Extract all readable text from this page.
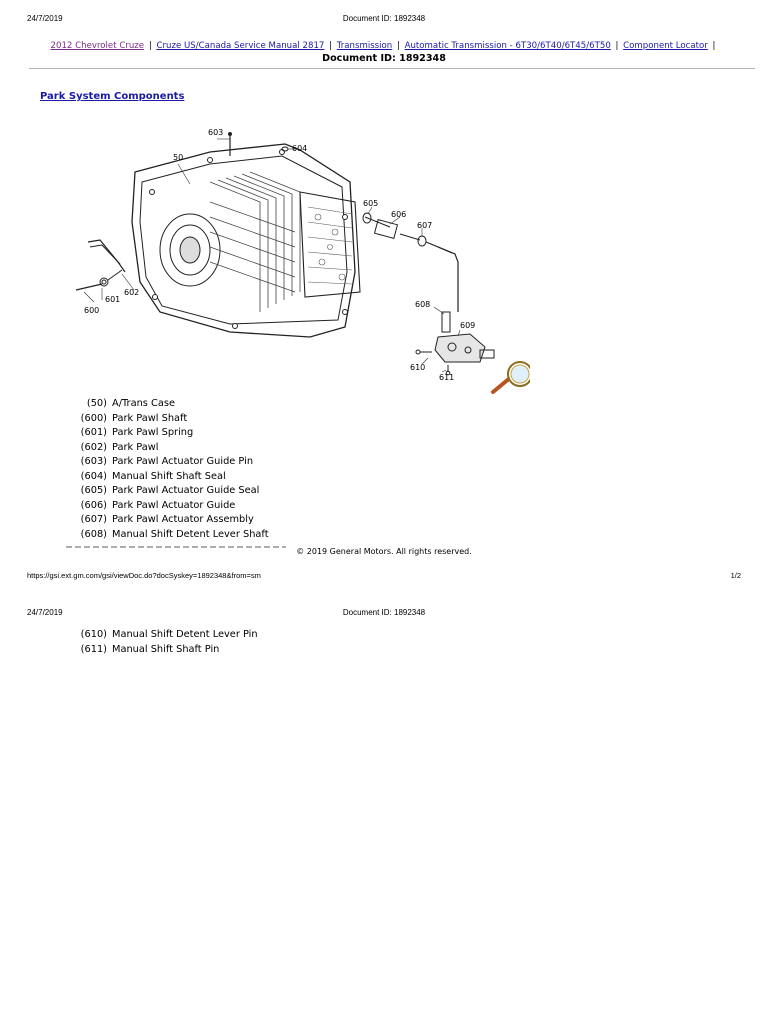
24/7/2019	Document ID: 1892348
2012 Chevrolet Cruze | Cruze US/Canada Service Manual 2817 | Transmission | Automatic Transmission - 6T30/6T40/6T45/6T50 | Component Locator |
Document ID: 1892348
Park System Components
603
604
50
605
606
607
608
609
610
611
600
601
602
(50) A/Trans Case
(600) Park Pawl Shaft
(601) Park Pawl Spring
(602) Park Pawl
(603) Park Pawl Actuator Guide Pin
(604) Manual Shift Shaft Seal
(605) Park Pawl Actuator Guide Seal
(606) Park Pawl Actuator Guide
(607) Park Pawl Actuator Assembly
(608) Manual Shift Detent Lever Shaft
© 2019 General Motors. All rights reserved.
https://gsi.ext.gm.com/gsi/viewDoc.do?docSyskey=1892348&from=sm	1/2
24/7/2019	Document ID: 1892348
(610) Manual Shift Detent Lever Pin
(611) Manual Shift Shaft Pin
